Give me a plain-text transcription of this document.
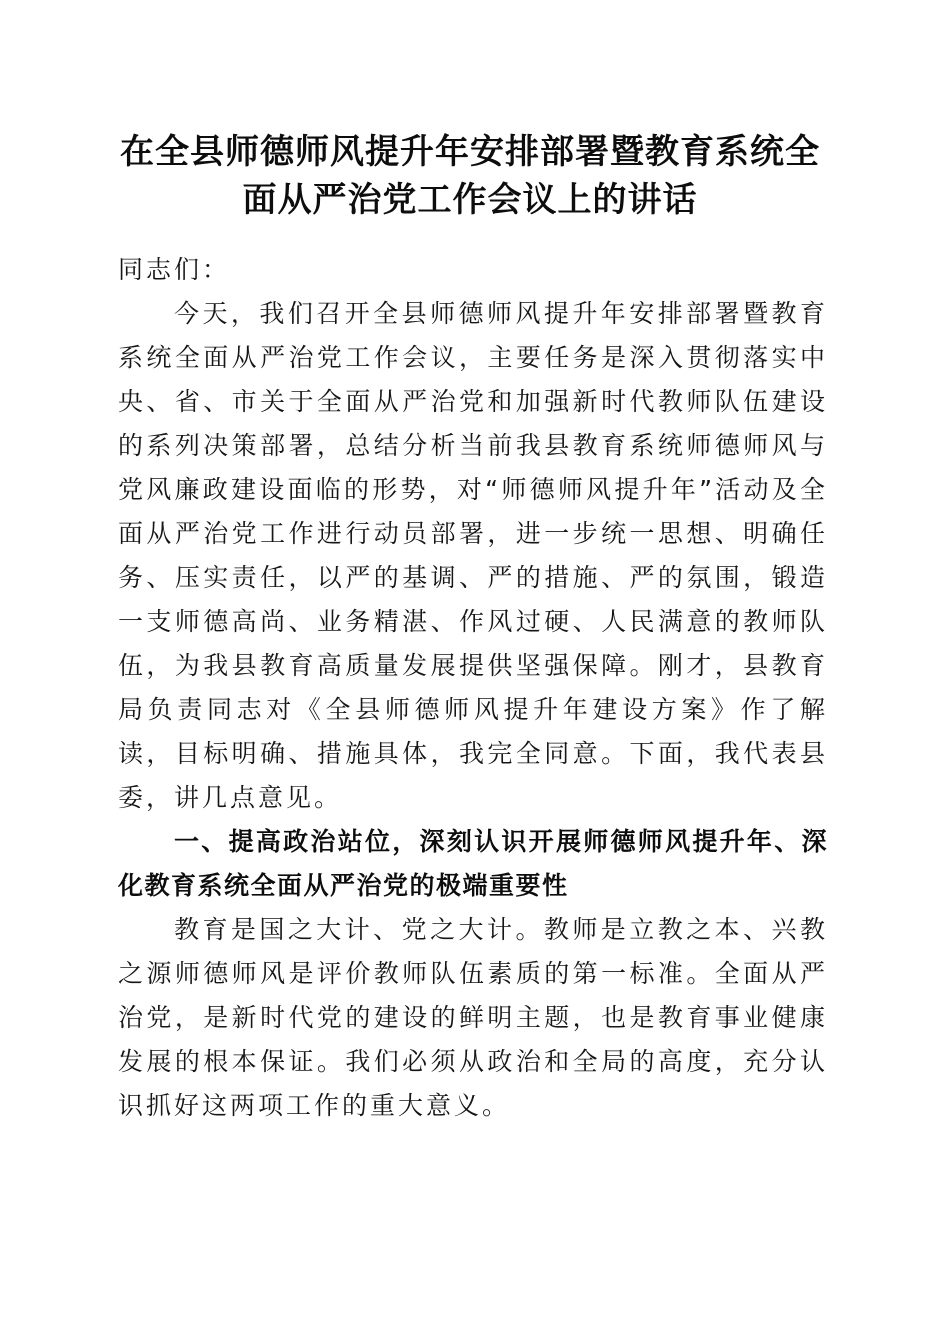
在全县师德师风提升年安排部署暨教育系统全
面从严治党工作会议上的讲话

同志们：

今天，我们召开全县师德师风提升年安排部署暨教育系统全面从严治党工作会议，主要任务是深入贯彻落实中央、省、市关于全面从严治党和加强新时代教师队伍建设的系列决策部署，总结分析当前我县教育系统师德师风与党风廉政建设面临的形势，对“师德师风提升年”活动及全面从严治党工作进行动员部署，进一步统一思想、明确任务、压实责任，以严的基调、严的措施、严的氛围，锻造一支师德高尚、业务精湛、作风过硬、人民满意的教师队伍，为我县教育高质量发展提供坚强保障。刚才，县教育局负责同志对《全县师德师风提升年建设方案》作了解读，目标明确、措施具体，我完全同意。下面，我代表县委，讲几点意见。

一、提高政治站位，深刻认识开展师德师风提升年、深化教育系统全面从严治党的极端重要性

教育是国之大计、党之大计。教师是立教之本、兴教之源师德师风是评价教师队伍素质的第一标准。全面从严治党，是新时代党的建设的鲜明主题，也是教育事业健康发展的根本保证。我们必须从政治和全局的高度，充分认识抓好这两项工作的重大意义。
